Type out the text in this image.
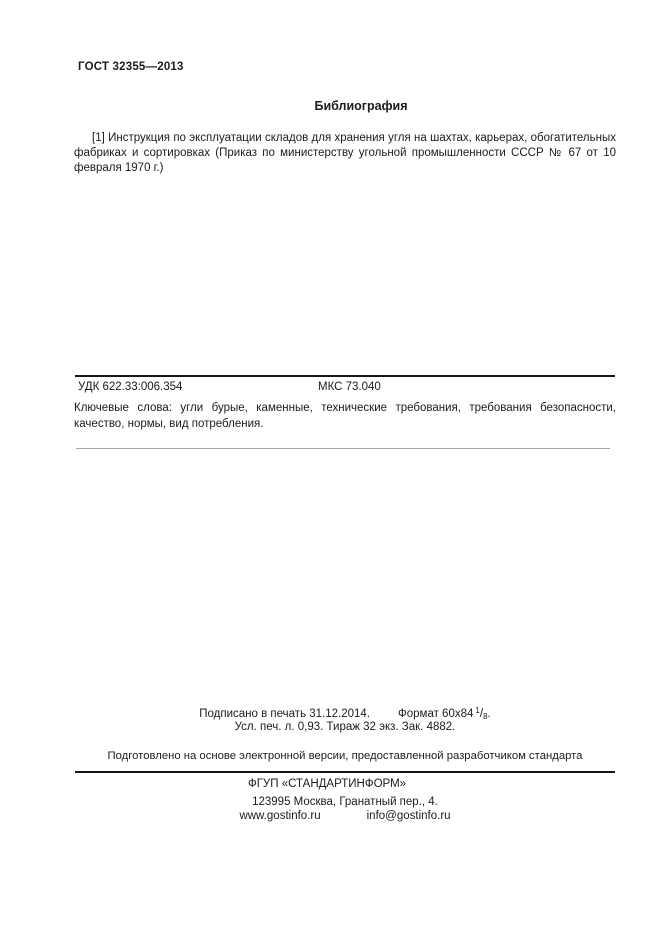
ГОСТ 32355—2013
Библиография

[1] Инструкция по эксплуатации складов для хранения угля на шахтах, карьерах, обогатительных фабриках и сортировках (Приказ по министерству угольной промышленности СССР № 67 от 10 февраля 1970 г.)

УДК 622.33:006.354	МКС 73.040

Ключевые слова: угли бурые, каменные, технические требования, требования безопасности, качество, нормы, вид потребления.

Подписано в печать 31.12.2014. Формат 60х84 $^1/_8$.
Усл. печ. л. 0,93. Тираж 32 экз. Зак. 4882.
Подготовлено на основе электронной версии, предоставленной разработчиком стандарта
ФГУП «СТАНДАРТИНФОРМ»
123995 Москва, Гранатный пер., 4.
www.gostinfo.ru	info@gostinfo.ru
